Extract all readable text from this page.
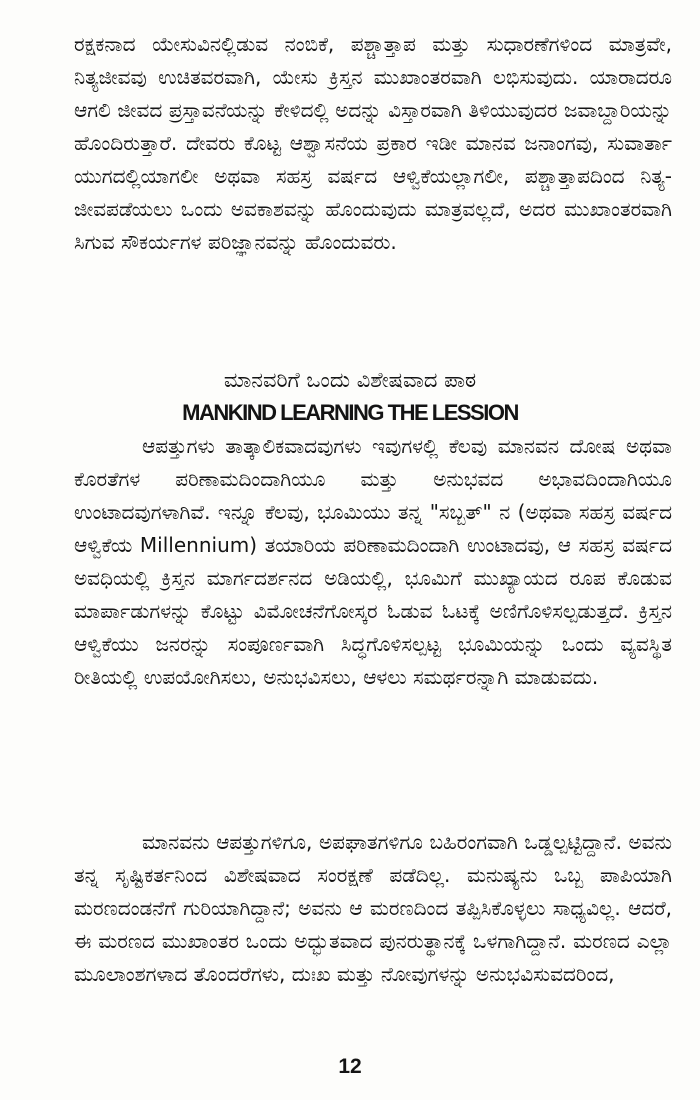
ರಕ್ಷಕನಾದ ಯೇಸುವಿನಲ್ಲಿಡುವ ನಂಬಿಕೆ, ಪಶ್ಚಾತ್ತಾಪ ಮತ್ತು ಸುಧಾರಣೆಗಳಿಂದ ಮಾತ್ರವೇ, ನಿತ್ಯಜೀವವು ಉಚಿತವರವಾಗಿ, ಯೇಸು ಕ್ರಿಸ್ತನ ಮುಖಾಂತರವಾಗಿ ಲಭಿಸುವುದು. ಯಾರಾದರೂ ಆಗಲಿ ಜೀವದ ಪ್ರಸ್ತಾವನೆಯನ್ನು ಕೇಳಿದಲ್ಲಿ ಅದನ್ನು ವಿಸ್ತಾರವಾಗಿ ತಿಳಿಯುವುದರ ಜವಾಬ್ದಾರಿಯನ್ನು ಹೊಂದಿರುತ್ತಾರೆ. ದೇವರು ಕೊಟ್ಟ ಆಶ್ವಾಸನೆಯ ಪ್ರಕಾರ ಇಡೀ ಮಾನವ ಜನಾಂಗವು, ಸುವಾರ್ತಾ ಯುಗದಲ್ಲಿಯಾಗಲೀ ಅಥವಾ ಸಹಸ್ರ ವರ್ಷದ ಆಳ್ವಿಕೆಯಲ್ಲಾಗಲೀ, ಪಶ್ಚಾತ್ತಾಪದಿಂದ ನಿತ್ಯ-ಜೀವಪಡೆಯಲು ಒಂದು ಅವಕಾಶವನ್ನು ಹೊಂದುವುದು ಮಾತ್ರವಲ್ಲದೆ, ಅದರ ಮುಖಾಂತರವಾಗಿ ಸಿಗುವ ಸೌಕರ್ಯಗಳ ಪರಿಜ್ಞಾನವನ್ನು ಹೊಂದುವರು.

ಮಾನವರಿಗೆ ಒಂದು ವಿಶೇಷವಾದ ಪಾಠ
MANKIND LEARNING THE LESSION

ಆಪತ್ತುಗಳು ತಾತ್ಕಾಲಿಕವಾದವುಗಳು ಇವುಗಳಲ್ಲಿ ಕೆಲವು ಮಾನವನ ದೋಷ ಅಥವಾ ಕೊರತೆಗಳ ಪರಿಣಾಮದಿಂದಾಗಿಯೂ ಮತ್ತು ಅನುಭವದ ಅಭಾವದಿಂದಾಗಿಯೂ ಉಂಟಾದವುಗಳಾಗಿವೆ. ಇನ್ನೂ ಕೆಲವು, ಭೂಮಿಯು ತನ್ನ "ಸಬ್ಬತ್" ನ (ಅಥವಾ ಸಹಸ್ರ ವರ್ಷದ ಆಳ್ವಿಕೆಯ Millennium) ತಯಾರಿಯ ಪರಿಣಾಮದಿಂದಾಗಿ ಉಂಟಾದವು, ಆ ಸಹಸ್ರ ವರ್ಷದ ಅವಧಿಯಲ್ಲಿ ಕ್ರಿಸ್ತನ ಮಾರ್ಗದರ್ಶನದ ಅಡಿಯಲ್ಲಿ, ಭೂಮಿಗೆ ಮುಖ್ಯಾಯದ ರೂಪ ಕೊಡುವ ಮಾರ್ಪಾಡುಗಳನ್ನು ಕೊಟ್ಟು ವಿಮೋಚನೆಗೋಸ್ಕರ ಓಡುವ ಓಟಕ್ಕೆ ಅಣಿಗೊಳಿಸಲ್ಪಡುತ್ತದೆ. ಕ್ರಿಸ್ತನ ಆಳ್ವಿಕೆಯು ಜನರನ್ನು ಸಂಪೂರ್ಣವಾಗಿ ಸಿದ್ಧಗೊಳಿಸಲ್ಪಟ್ಟ ಭೂಮಿಯನ್ನು ಒಂದು ವ್ಯವಸ್ಥಿತ ರೀತಿಯಲ್ಲಿ ಉಪಯೋಗಿಸಲು, ಅನುಭವಿಸಲು, ಆಳಲು ಸಮರ್ಥರನ್ನಾಗಿ ಮಾಡುವದು.

ಮಾನವನು ಆಪತ್ತುಗಳಿಗೂ, ಅಪಘಾತಗಳಿಗೂ ಬಹಿರಂಗವಾಗಿ ಒಡ್ಡಲ್ಪಟ್ಟಿದ್ದಾನೆ. ಅವನು ತನ್ನ ಸೃಷ್ಟಿಕರ್ತನಿಂದ ವಿಶೇಷವಾದ ಸಂರಕ್ಷಣೆ ಪಡೆದಿಲ್ಲ. ಮನುಷ್ಯನು ಒಬ್ಬ ಪಾಪಿಯಾಗಿ ಮರಣದಂಡನೆಗೆ ಗುರಿಯಾಗಿದ್ದಾನೆ; ಅವನು ಆ ಮರಣದಿಂದ ತಪ್ಪಿಸಿಕೊಳ್ಳಲು ಸಾಧ್ಯವಿಲ್ಲ. ಆದರೆ, ಈ ಮರಣದ ಮುಖಾಂತರ ಒಂದು ಅದ್ಭುತವಾದ ಪುನರುತ್ಥಾನಕ್ಕೆ ಒಳಗಾಗಿದ್ದಾನೆ. ಮರಣದ ಎಲ್ಲಾ ಮೂಲಾಂಶಗಳಾದ ತೊಂದರೆಗಳು, ದುಃಖ ಮತ್ತು ನೋವುಗಳನ್ನು ಅನುಭವಿಸುವದರಿಂದ,

12
